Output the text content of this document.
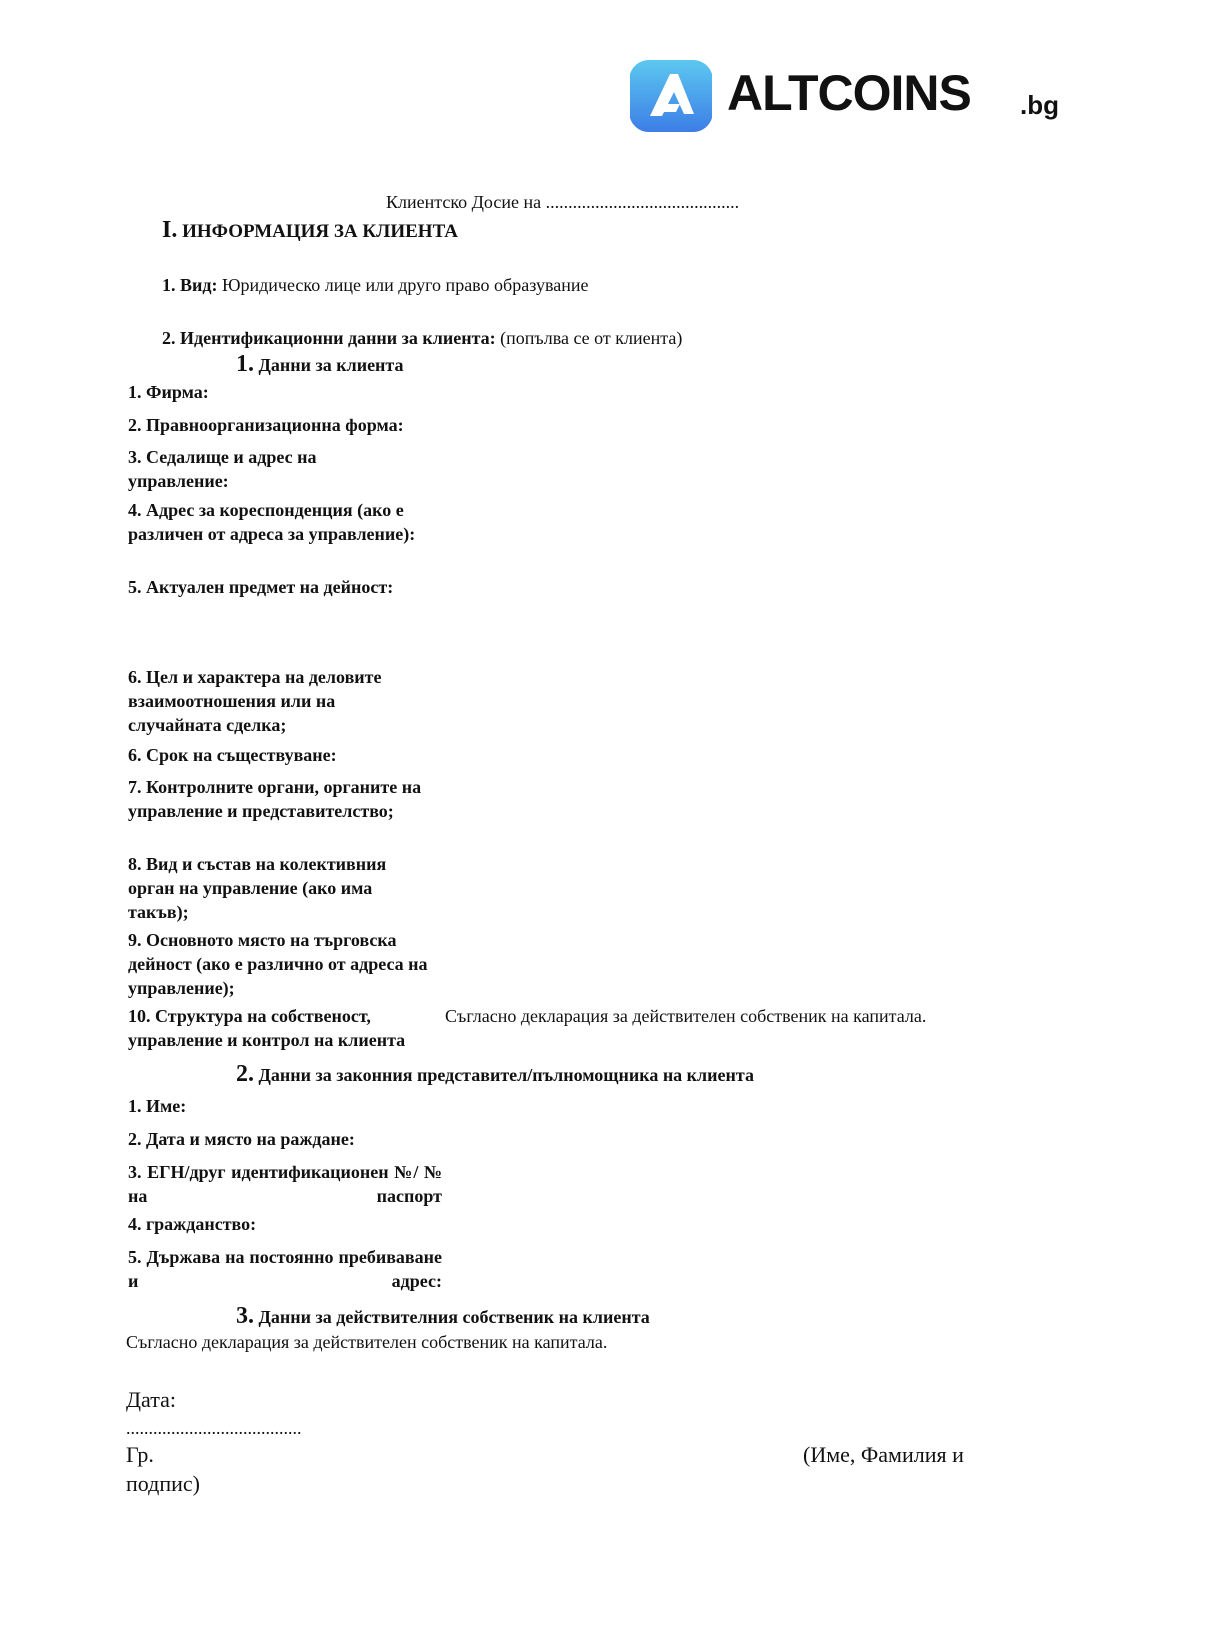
ALTCOINS .bg
Клиентско Досие на ...........................................
I. ИНФОРМАЦИЯ ЗА КЛИЕНТА
1. Вид: Юридическо лице или друго право образувание
2. Идентификационни данни за клиента: (попълва се от клиента)
1. Данни за клиента
1. Фирма:
2. Правноорганизационна форма:
3. Седалище и адрес на управление:
4. Адрес за кореспонденция (ако е различен от адреса за управление):
5. Актуален предмет на дейност:
6. Цел и характера на деловите взаимоотношения или на случайната сделка;
6. Срок на съществуване:
7. Контролните органи, органите на управление и представителство;
8. Вид и състав на колективния орган на управление (ако има такъв);
9. Основното място на търговска дейност (ако е различно от адреса на управление);
10. Структура на собственост, управление и контрол на клиента
Съгласно декларация за действителен собственик на капитала.
2. Данни за законния представител/пълномощника на клиента
1. Име:
2. Дата и място на раждане:
3. ЕГН/друг идентификационен №/ № на паспорт
4. гражданство:
5. Държава на постоянно пребиваване и адрес:
3. Данни за действителния собственик на клиента
Съгласно декларация за действителен собственик на капитала.
Дата:
.......................................
Гр.	(Име, Фамилия и
подпис)
